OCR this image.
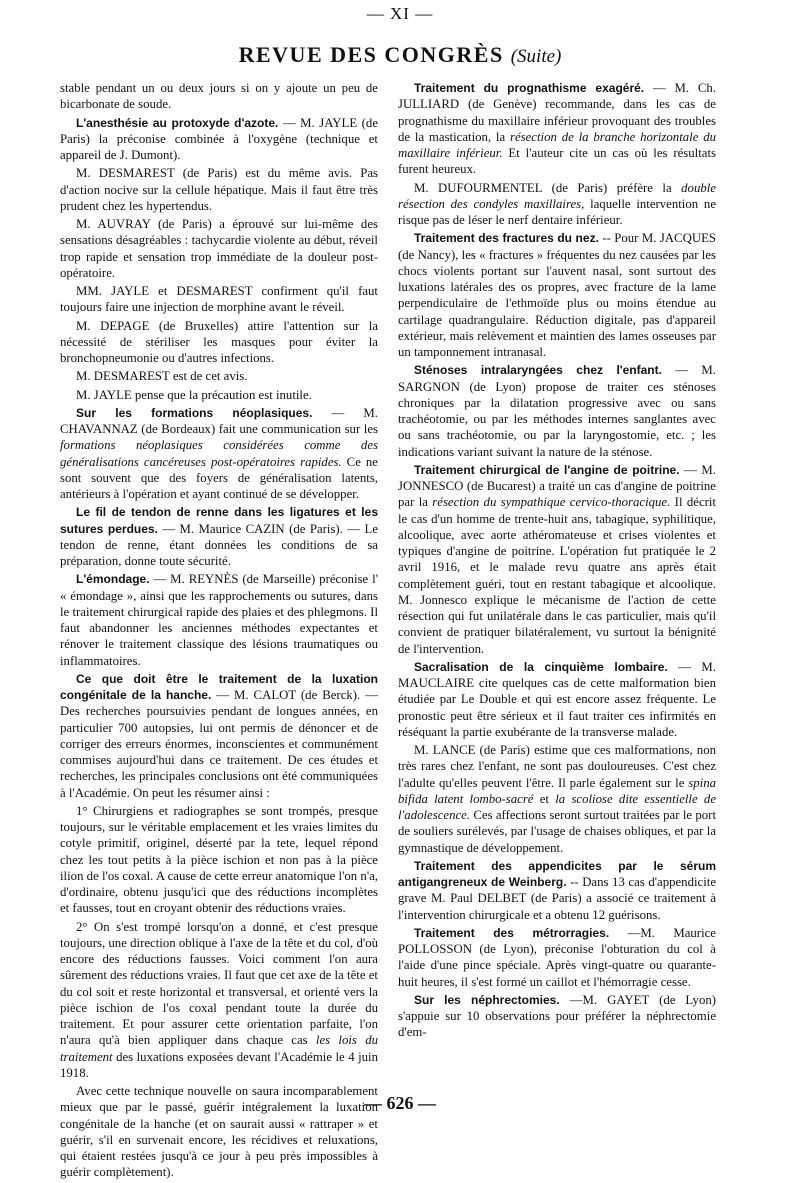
— XI —
REVUE DES CONGRÈS (Suite)

stable pendant un ou deux jours si on y ajoute un peu de bicarbonate de soude.

L'anesthésie au protoxyde d'azote. — M. JAYLE (de Paris) la préconise combinée à l'oxygène (technique et appareil de J. Dumont).

M. DESMAREST (de Paris) est du même avis. Pas d'action nocive sur la cellule hépatique. Mais il faut être très prudent chez les hypertendus.

M. AUVRAY (de Paris) a éprouvé sur lui-même des sensations désagréables : tachycardie violente au début, réveil trop rapide et sensation trop immédiate de la douleur post-opératoire.

MM. JAYLE et DESMAREST confirment qu'il faut toujours faire une injection de morphine avant le réveil.

M. DEPAGE (de Bruxelles) attire l'attention sur la nécessité de stériliser les masques pour éviter la bronchopneumonie ou d'autres infections.

M. DESMAREST est de cet avis.

M. JAYLE pense que la précaution est inutile.

Sur les formations néoplasiques. — M. CHAVANNAZ (de Bordeaux) fait une communication sur les formations néoplasiques considérées comme des généralisations cancéreuses post-opératoires rapides. Ce ne sont souvent que des foyers de généralisation latents, antérieurs à l'opération et ayant continué de se développer.

Le fil de tendon de renne dans les ligatures et les sutures perdues. — M. Maurice CAZIN (de Paris). — Le tendon de renne, étant données les conditions de sa préparation, donne toute sécurité.

L'émondage. — M. REYNÈS (de Marseille) préconise l' « émondage », ainsi que les rapprochements ou sutures, dans le traitement chirurgical rapide des plaies et des phlegmons. Il faut abandonner les anciennes méthodes expectantes et rénover le traitement classique des lésions traumatiques ou inflammatoires.

Ce que doit être le traitement de la luxation congénitale de la hanche. — M. CALOT (de Berck). — Des recherches poursuivies pendant de longues années, en particulier 700 autopsies, lui ont permis de dénoncer et de corriger des erreurs énormes, inconscientes et communément commises aujourd'hui dans ce traitement. De ces études et recherches, les principales conclusions ont été communiquées à l'Académie. On peut les résumer ainsi :

1° Chirurgiens et radiographes se sont trompés, presque toujours, sur le véritable emplacement et les vraies limites du cotyle primitif, originel, déserté par la tete, lequel répond chez les tout petits à la pièce ischion et non pas à la pièce ilion de l'os coxal. A cause de cette erreur anatomique l'on n'a, d'ordinaire, obtenu jusqu'ici que des réductions incomplètes et fausses, tout en croyant obtenir des réductions vraies.

2° On s'est trompé lorsqu'on a donné, et c'est presque toujours, une direction oblique à l'axe de la tête et du col, d'où encore des réductions fausses. Voici comment l'on aura sûrement des réductions vraies. Il faut que cet axe de la tête et du col soit et reste horizontal et transversal, et orienté vers la pièce ischion de l'os coxal pendant toute la durée du traitement. Et pour assurer cette orientation parfaite, l'on n'aura qu'à bien appliquer dans chaque cas les lois du traitement des luxations exposées devant l'Académie le 4 juin 1918.

Avec cette technique nouvelle on saura incomparablement mieux que par le passé, guérir intégralement la luxation congénitale de la hanche (et on saurait aussi « rattraper » et guérir, s'il en survenait encore, les récidives et reluxations, qui étaient restées jusqu'à ce jour à peu près impossibles à guérir complètement).

Traitement du prognathisme exagéré. — M. Ch. JULLIARD (de Genève) recommande, dans les cas de prognathisme du maxillaire inférieur provoquant des troubles de la mastication, la résection de la branche horizontale du maxillaire inférieur. Et l'auteur cite un cas où les résultats furent heureux.

M. DUFOURMENTEL (de Paris) préfère la double résection des condyles maxillaires, laquelle intervention ne risque pas de léser le nerf dentaire inférieur.

Traitement des fractures du nez. -- Pour M. JACQUES (de Nancy), les « fractures » fréquentes du nez causées par les chocs violents portant sur l'auvent nasal, sont surtout des luxations latérales des os propres, avec fracture de la lame perpendiculaire de l'ethmoïde plus ou moins étendue au cartilage quadrangulaire. Réduction digitale, pas d'appareil extérieur, mais relèvement et maintien des lames osseuses par un tamponnement intranasal.

Sténoses intralaryngées chez l'enfant. — M. SARGNON (de Lyon) propose de traiter ces sténoses chroniques par la dilatation progressive avec ou sans trachéotomie, ou par les méthodes internes sanglantes avec ou sans trachéotomie, ou par la laryngostomie, etc. ; les indications variant suivant la nature de la sténose.

Traitement chirurgical de l'angine de poitrine. — M. JONNESCO (de Bucarest) a traité un cas d'angine de poitrine par la résection du sympathique cervico-thoracique. Il décrit le cas d'un homme de trente-huit ans, tabagique, syphilitique, alcoolique, avec aorte athéromateuse et crises violentes et typiques d'angine de poitrine. L'opération fut pratiquée le 2 avril 1916, et le malade revu quatre ans après était complètement guéri, tout en restant tabagique et alcoolique. M. Jonnesco explique le mécanisme de l'action de cette résection qui fut unilatérale dans le cas particulier, mais qu'il convient de pratiquer bilatéralement, vu surtout la bénignité de l'intervention.

Sacralisation de la cinquième lombaire. — M. MAUCLAIRE cite quelques cas de cette malformation bien étudiée par Le Double et qui est encore assez fréquente. Le pronostic peut être sérieux et il faut traiter ces infirmités en réséquant la partie exubérante de la transverse malade.

M. LANCE (de Paris) estime que ces malformations, non très rares chez l'enfant, ne sont pas douloureuses. C'est chez l'adulte qu'elles peuvent l'être. Il parle également sur le spina bifida latent lombo-sacré et la scoliose dite essentielle de l'adolescence. Ces affections seront surtout traitées par le port de souliers surélevés, par l'usage de chaises obliques, et par la gymnastique de développement.

Traitement des appendicites par le sérum antigangreneux de Weinberg. -- Dans 13 cas d'appendicite grave M. Paul DELBET (de Paris) a associé ce traitement à l'intervention chirurgicale et a obtenu 12 guérisons.

Traitement des métrorragies. —M. Maurice POLLOSSON (de Lyon), préconise l'obturation du col à l'aide d'une pince spéciale. Après vingt-quatre ou quarante-huit heures, il s'est formé un caillot et l'hémorragie cesse.

Sur les néphrectomies. —M. GAYET (de Lyon) s'appuie sur 10 observations pour préférer la néphrectomie d'em-

— 626 —
